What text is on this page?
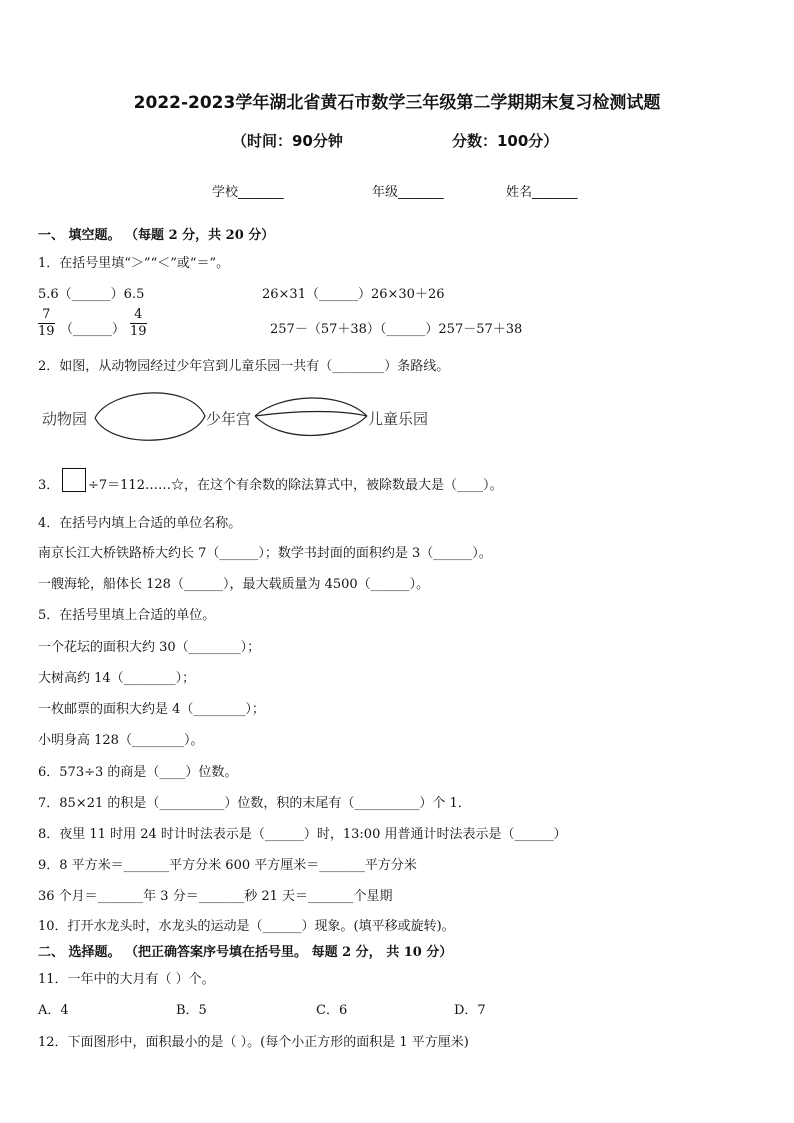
2022-2023学年湖北省黄石市数学三年级第二学期期末复习检测试题
（时间：90分钟	分数：100分）
学校_______	年级_______	姓名_______
一、 填空题。 （每题 2 分，共 20 分）
1．在括号里填“＞”“＜”或“＝”。
5.6（______）6.5	26×31（______）26×30＋26
$\frac{7}{19}$ （______） $\frac{4}{19}$	257－（57＋38）（______）257－57＋38
2．如图，从动物园经过少年宫到儿童乐园一共有（________）条路线。
动物园	少年宫	儿童乐园
3． ÷7＝112……☆，在这个有余数的除法算式中，被除数最大是（____）。
4．在括号内填上合适的单位名称。
南京长江大桥铁路桥大约长 7（______）；数学书封面的面积约是 3（______）。
一艘海轮，船体长 128（______），最大载质量为 4500（______）。
5．在括号里填上合适的单位。
一个花坛的面积大约 30（________）；
大树高约 14（________）；
一枚邮票的面积大约是 4（________）；
小明身高 128（________）。
6．573÷3 的商是（____）位数。
7．85×21 的积是（__________）位数，积的末尾有（__________）个 1．
8．夜里 11 时用 24 时计时法表示是（______）时，13:00 用普通计时法表示是（______）
9．8 平方米＝_______平方分米 600 平方厘米＝_______平方分米
36 个月＝_______年 3 分＝_______秒 21 天＝_______个星期
10．打开水龙头时，水龙头的运动是（______）现象。(填平移或旋转)。
二、 选择题。 （把正确答案序号填在括号里。 每题 2 分， 共 10 分）
11．一年中的大月有（ ）个。
A．4	B．5	C．6	D．7
12．下面图形中，面积最小的是（ ）。(每个小正方形的面积是 1 平方厘米)
